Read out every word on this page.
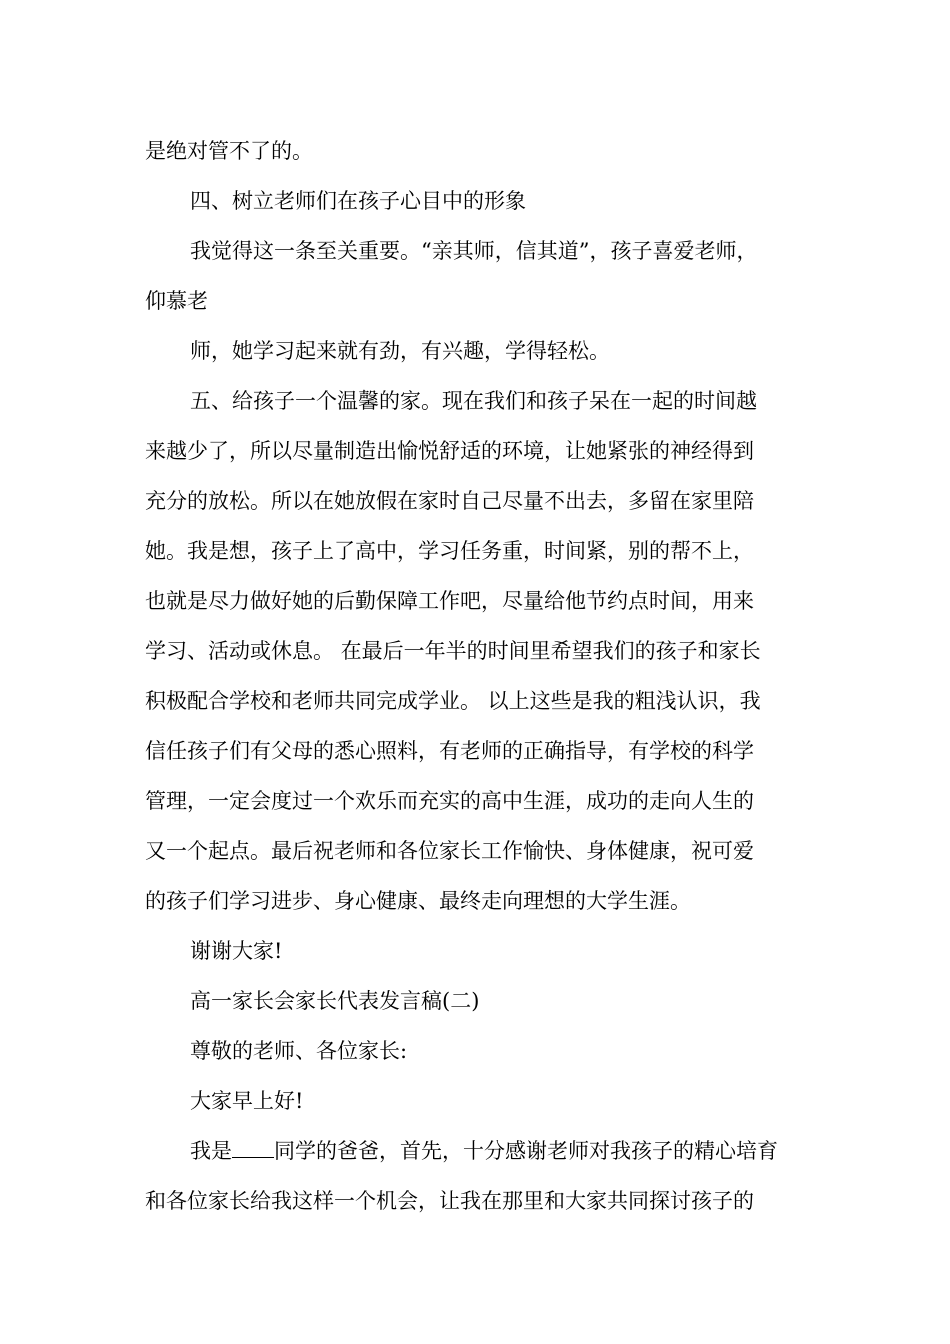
是绝对管不了的。
四、树立老师们在孩子心目中的形象
我觉得这一条至关重要。“亲其师，信其道”，孩子喜爱老师，
仰慕老
师，她学习起来就有劲，有兴趣，学得轻松。
五、给孩子一个温馨的家。现在我们和孩子呆在一起的时间越
来越少了，所以尽量制造出愉悦舒适的环境，让她紧张的神经得到
充分的放松。所以在她放假在家时自己尽量不出去，多留在家里陪
她。我是想，孩子上了高中，学习任务重，时间紧，别的帮不上，
也就是尽力做好她的后勤保障工作吧，尽量给他节约点时间，用来
学习、活动或休息。 在最后一年半的时间里希望我们的孩子和家长
积极配合学校和老师共同完成学业。 以上这些是我的粗浅认识，我
信任孩子们有父母的悉心照料，有老师的正确指导，有学校的科学
管理，一定会度过一个欢乐而充实的高中生涯，成功的走向人生的
又一个起点。最后祝老师和各位家长工作愉快、身体健康，祝可爱
的孩子们学习进步、身心健康、最终走向理想的大学生涯。
谢谢大家!
高一家长会家长代表发言稿(二)
尊敬的老师、各位家长:
大家早上好!
我是 同学的爸爸，首先，十分感谢老师对我孩子的精心培育
和各位家长给我这样一个机会，让我在那里和大家共同探讨孩子的
